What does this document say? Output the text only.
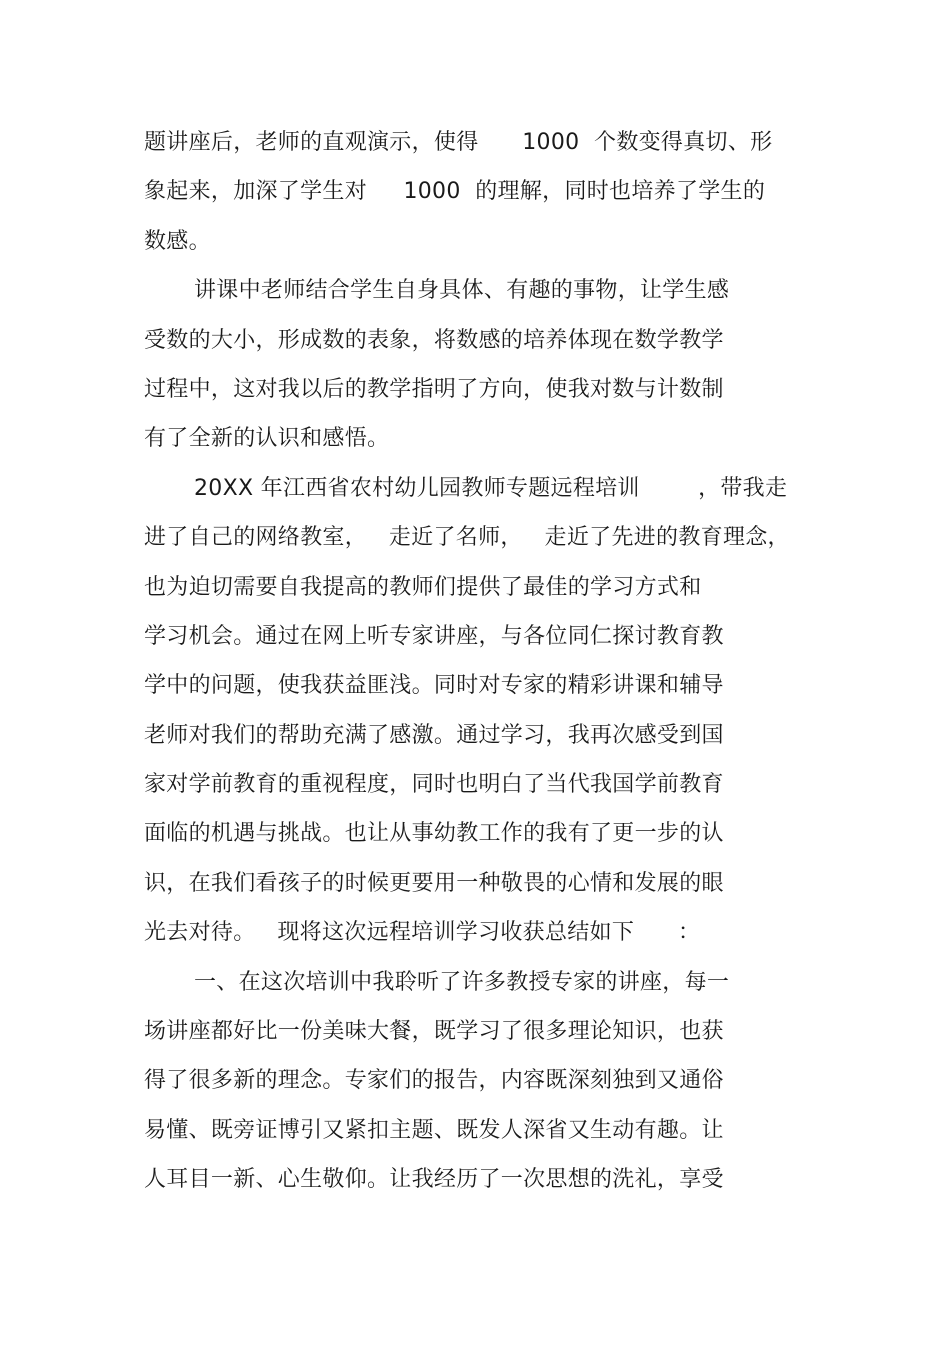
题讲座后，老师的直观演示，使得      1000  个数变得真切、形
象起来，加深了学生对     1000  的理解，同时也培养了学生的
数感。
讲课中老师结合学生自身具体、有趣的事物，让学生感
受数的大小，形成数的表象，将数感的培养体现在数学教学
过程中，这对我以后的教学指明了方向，使我对数与计数制
有了全新的认识和感悟。
20XX 年江西省农村幼儿园教师专题远程培训        ，带我走
进了自己的网络教室，   走近了名师，   走近了先进的教育理念，
也为迫切需要自我提高的教师们提供了最佳的学习方式和
学习机会。通过在网上听专家讲座，与各位同仁探讨教育教
学中的问题，使我获益匪浅。同时对专家的精彩讲课和辅导
老师对我们的帮助充满了感激。通过学习，我再次感受到国
家对学前教育的重视程度，同时也明白了当代我国学前教育
面临的机遇与挑战。也让从事幼教工作的我有了更一步的认
识，在我们看孩子的时候更要用一种敬畏的心情和发展的眼
光去对待。   现将这次远程培训学习收获总结如下      ：
一、在这次培训中我聆听了许多教授专家的讲座，每一
场讲座都好比一份美味大餐，既学习了很多理论知识，也获
得了很多新的理念。专家们的报告，内容既深刻独到又通俗
易懂、既旁证博引又紧扣主题、既发人深省又生动有趣。让
人耳目一新、心生敬仰。让我经历了一次思想的洗礼，享受
